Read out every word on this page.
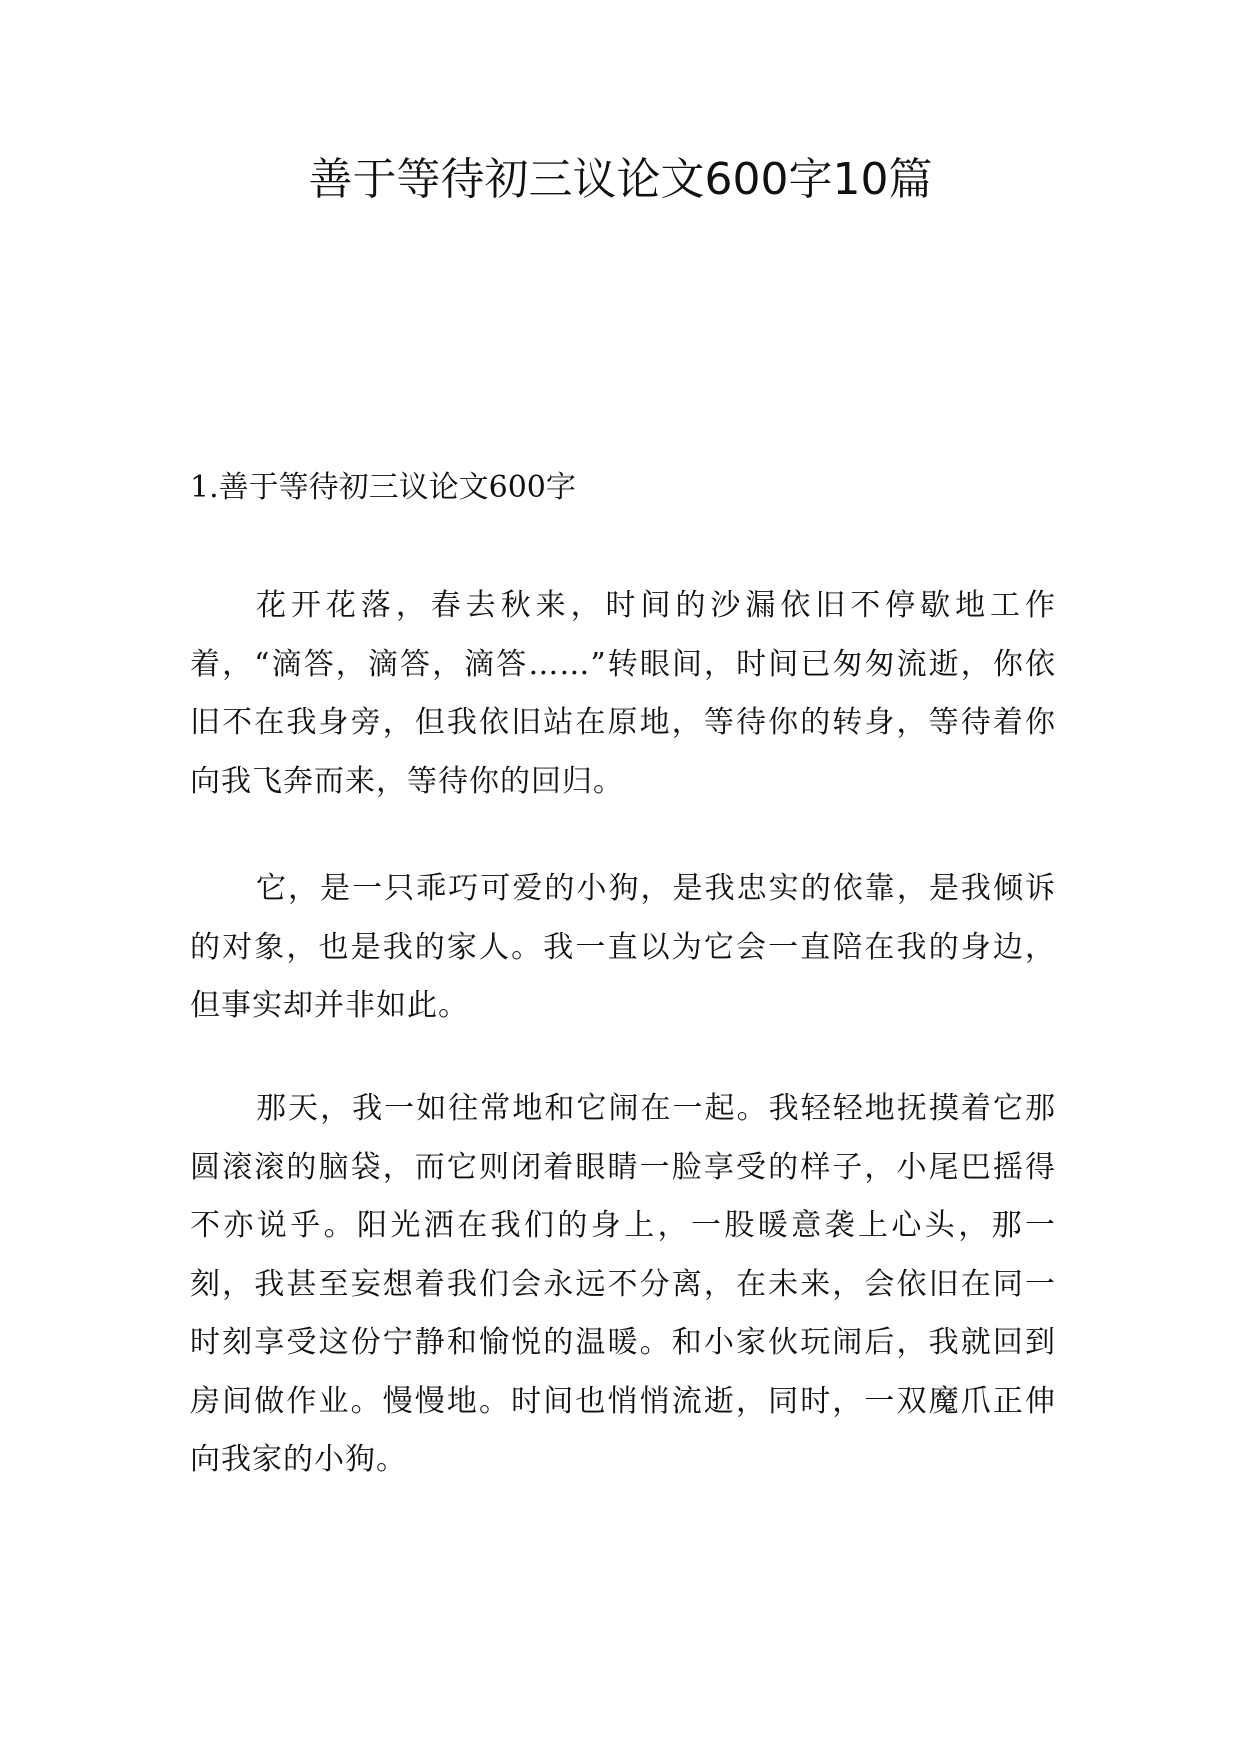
善于等待初三议论文600字10篇
1.善于等待初三议论文600字

花开花落，春去秋来，时间的沙漏依旧不停歇地工作着，“滴答，滴答，滴答……”转眼间，时间已匆匆流逝，你依旧不在我身旁，但我依旧站在原地，等待你的转身，等待着你向我飞奔而来，等待你的回归。

它，是一只乖巧可爱的小狗，是我忠实的依靠，是我倾诉的对象，也是我的家人。我一直以为它会一直陪在我的身边，但事实却并非如此。

那天，我一如往常地和它闹在一起。我轻轻地抚摸着它那圆滚滚的脑袋，而它则闭着眼睛一脸享受的样子，小尾巴摇得不亦说乎。阳光洒在我们的身上，一股暖意袭上心头，那一刻，我甚至妄想着我们会永远不分离，在未来，会依旧在同一时刻享受这份宁静和愉悦的温暖。和小家伙玩闹后，我就回到房间做作业。慢慢地。时间也悄悄流逝，同时，一双魔爪正伸向我家的小狗。
